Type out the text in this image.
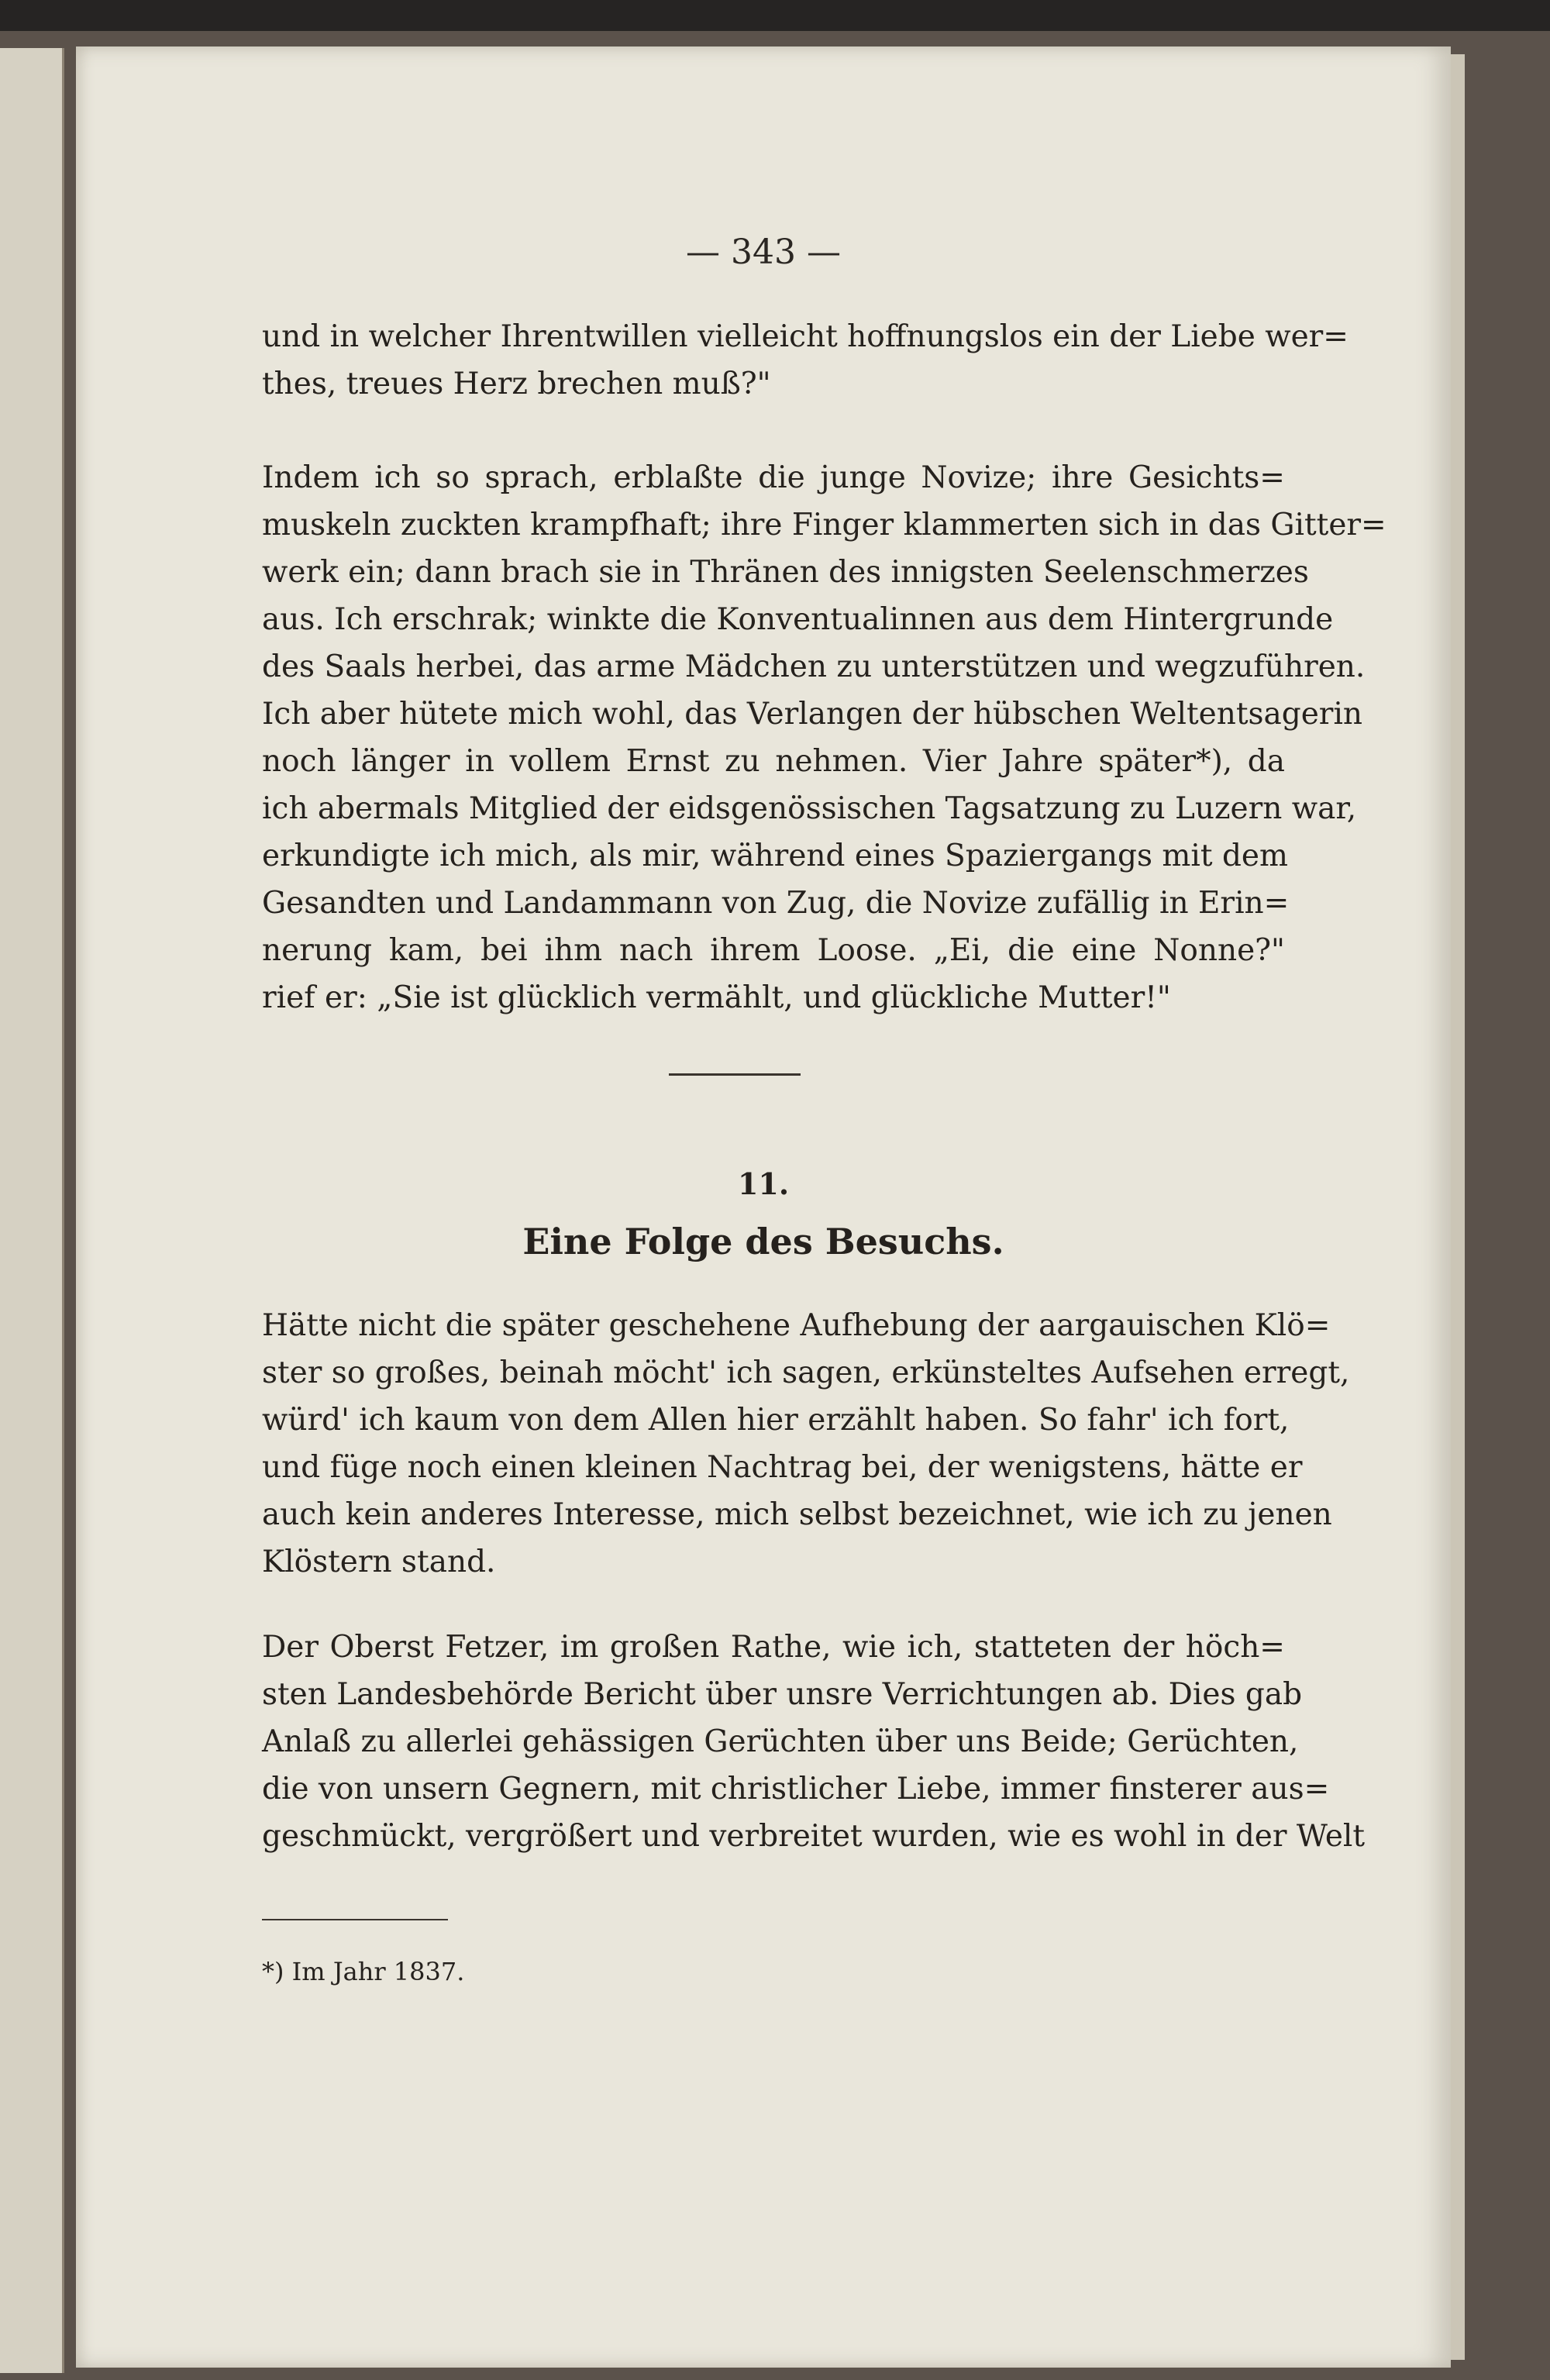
— 343 —
und in welcher Ihrentwillen vielleicht hoffnungslos ein der Liebe wer=
thes, treues Herz brechen muß?"
Indem ich so sprach, erblaßte die junge Novize; ihre Gesichts=
muskeln zuckten krampfhaft; ihre Finger klammerten sich in das Gitter=
werk ein; dann brach sie in Thränen des innigsten Seelenschmerzes
aus. Ich erschrak; winkte die Konventualinnen aus dem Hintergrunde
des Saals herbei, das arme Mädchen zu unterstützen und wegzuführen.
Ich aber hütete mich wohl, das Verlangen der hübschen Weltentsagerin
noch länger in vollem Ernst zu nehmen. Vier Jahre später*), da
ich abermals Mitglied der eidsgenössischen Tagsatzung zu Luzern war,
erkundigte ich mich, als mir, während eines Spaziergangs mit dem
Gesandten und Landammann von Zug, die Novize zufällig in Erin=
nerung kam, bei ihm nach ihrem Loose. „Ei, die eine Nonne?"
rief er: „Sie ist glücklich vermählt, und glückliche Mutter!"
11.
Eine Folge des Besuchs.
Hätte nicht die später geschehene Aufhebung der aargauischen Klö=
ster so großes, beinah möcht' ich sagen, erkünsteltes Aufsehen erregt,
würd' ich kaum von dem Allen hier erzählt haben. So fahr' ich fort,
und füge noch einen kleinen Nachtrag bei, der wenigstens, hätte er
auch kein anderes Interesse, mich selbst bezeichnet, wie ich zu jenen
Klöstern stand.
Der Oberst Fetzer, im großen Rathe, wie ich, statteten der höch=
sten Landesbehörde Bericht über unsre Verrichtungen ab. Dies gab
Anlaß zu allerlei gehässigen Gerüchten über uns Beide; Gerüchten,
die von unsern Gegnern, mit christlicher Liebe, immer finsterer aus=
geschmückt, vergrößert und verbreitet wurden, wie es wohl in der Welt
*) Im Jahr 1837.
